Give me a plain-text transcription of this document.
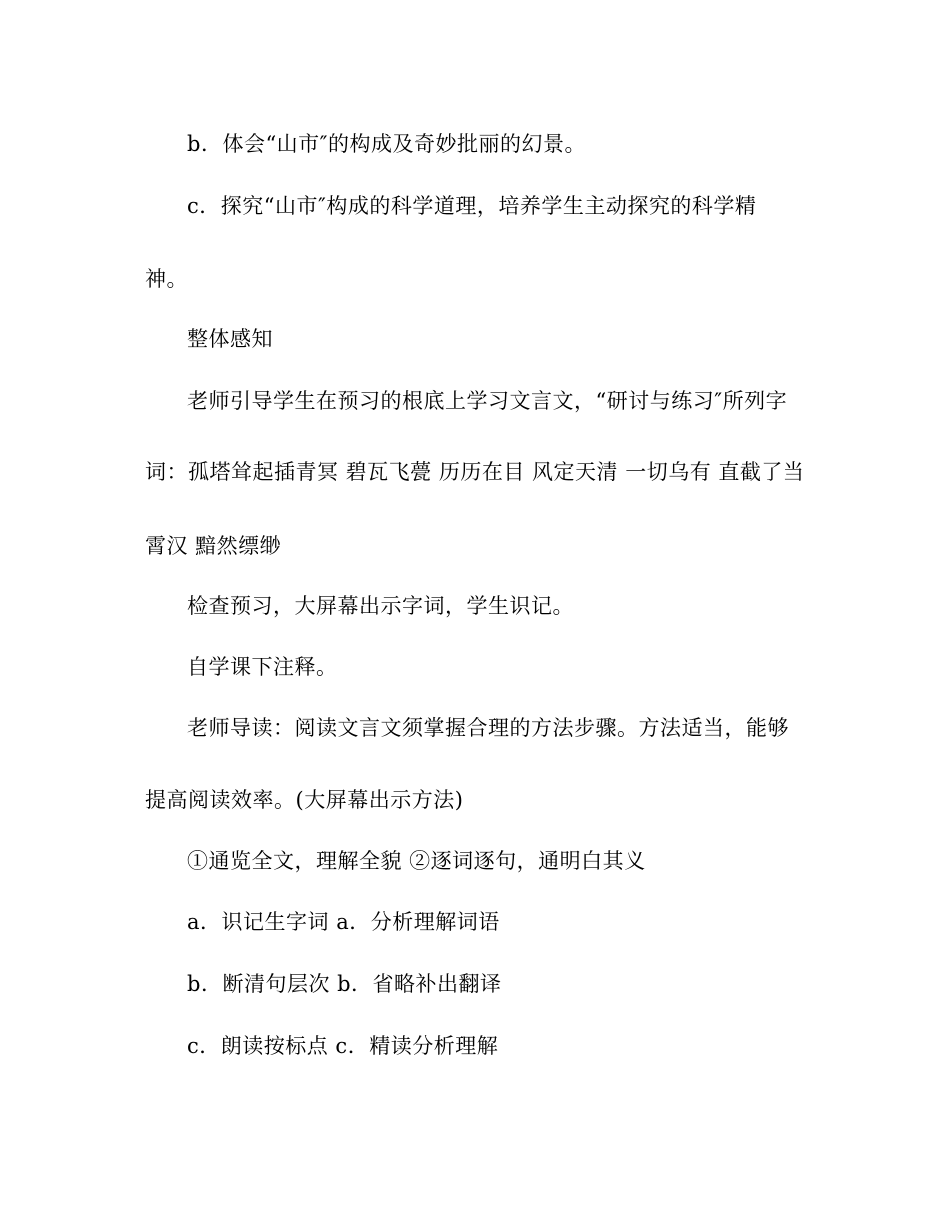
b．体会“山市″的构成及奇妙批丽的幻景。
c．探究“山市″构成的科学道理，培养学生主动探究的科学精
神。
整体感知
老师引导学生在预习的根底上学习文言文，“研讨与练习″所列字
词：孤塔耸起插青冥 碧瓦飞甍 历历在目 风定天清 一切乌有 直截了当
霄汉 黯然缥缈
检查预习，大屏幕出示字词，学生识记。
自学课下注释。
老师导读：阅读文言文须掌握合理的方法步骤。方法适当，能够
提高阅读效率。(大屏幕出示方法)
①通览全文，理解全貌 ②逐词逐句，通明白其义
a．识记生字词 a．分析理解词语
b．断清句层次 b．省略补出翻译
c．朗读按标点 c．精读分析理解
